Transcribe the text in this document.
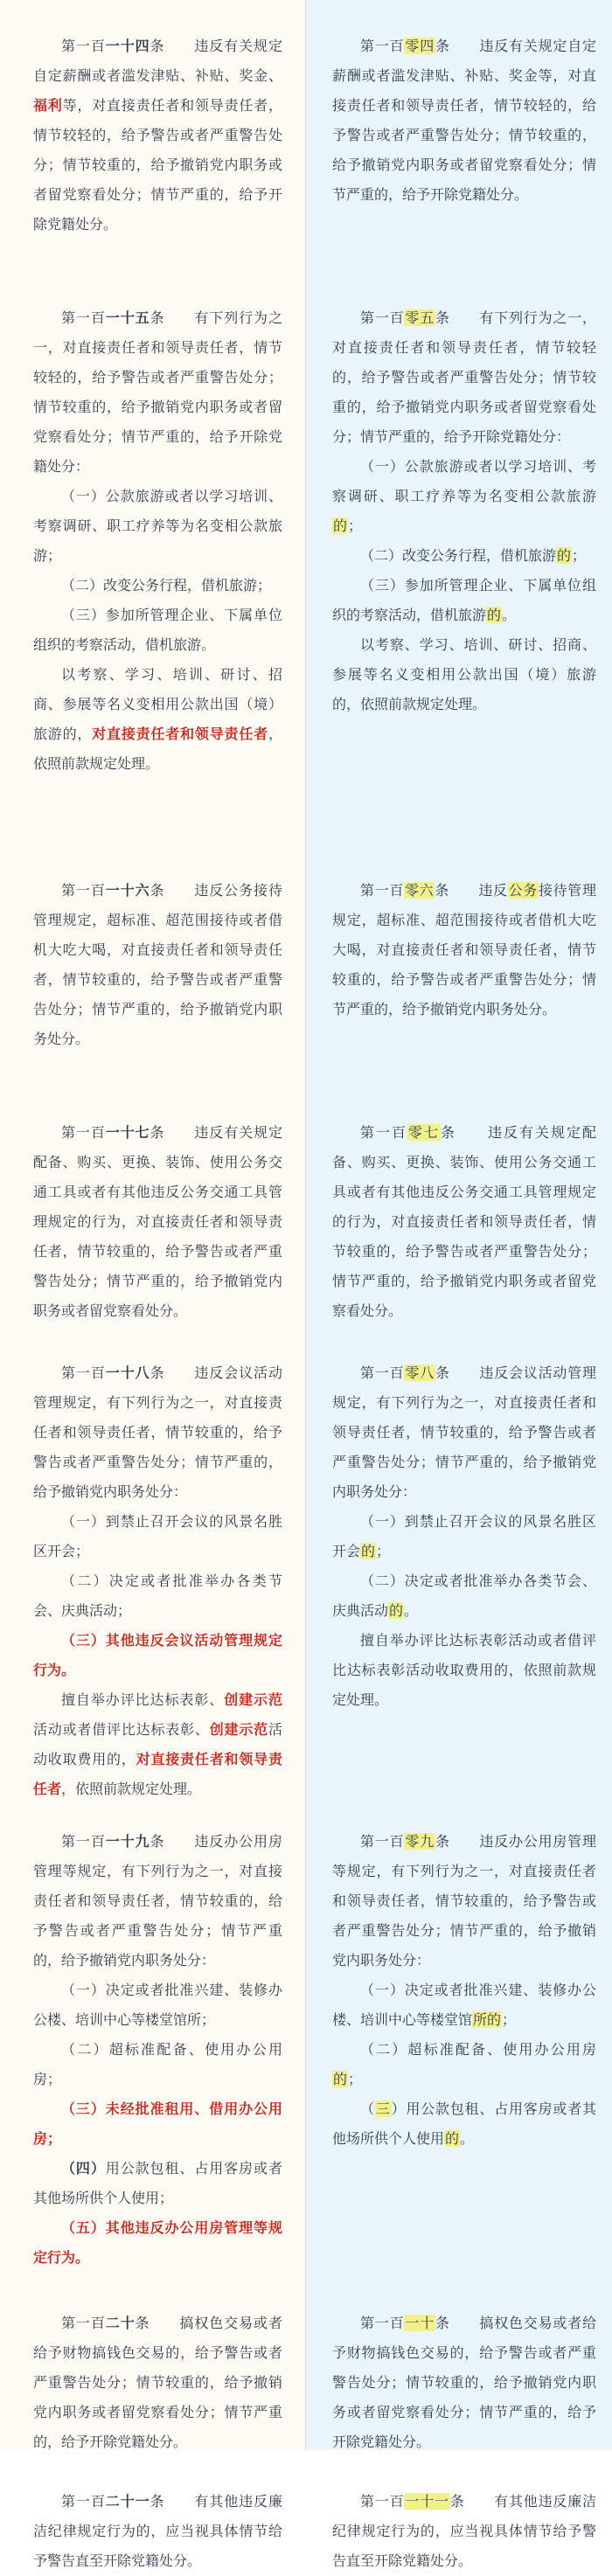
第一百一十四条　　违反有关规定自定薪酬或者滥发津贴、补贴、奖金、福利等，对直接责任者和领导责任者，情节较轻的，给予警告或者严重警告处分；情节较重的，给予撤销党内职务或者留党察看处分；情节严重的，给予开除党籍处分。

第一百一十五条　　有下列行为之一，对直接责任者和领导责任者，情节较轻的，给予警告或者严重警告处分；情节较重的，给予撤销党内职务或者留党察看处分；情节严重的，给予开除党籍处分：

（一）公款旅游或者以学习培训、考察调研、职工疗养等为名变相公款旅游；

（二）改变公务行程，借机旅游；

（三）参加所管理企业、下属单位组织的考察活动，借机旅游。

以考察、学习、培训、研讨、招商、参展等名义变相用公款出国（境）旅游的，对直接责任者和领导责任者，依照前款规定处理。

第一百一十六条　　违反公务接待管理规定，超标准、超范围接待或者借机大吃大喝，对直接责任者和领导责任者，情节较重的，给予警告或者严重警告处分；情节严重的，给予撤销党内职务处分。

第一百一十七条　　违反有关规定配备、购买、更换、装饰、使用公务交通工具或者有其他违反公务交通工具管理规定的行为，对直接责任者和领导责任者，情节较重的，给予警告或者严重警告处分；情节严重的，给予撤销党内职务或者留党察看处分。

第一百一十八条　　违反会议活动管理规定，有下列行为之一，对直接责任者和领导责任者，情节较重的，给予警告或者严重警告处分；情节严重的，给予撤销党内职务处分：

（一）到禁止召开会议的风景名胜区开会；

（二）决定或者批准举办各类节会、庆典活动；

（三）其他违反会议活动管理规定行为。

擅自举办评比达标表彰、创建示范活动或者借评比达标表彰、创建示范活动收取费用的，对直接责任者和领导责任者，依照前款规定处理。

第一百一十九条　　违反办公用房管理等规定，有下列行为之一，对直接责任者和领导责任者，情节较重的，给予警告或者严重警告处分；情节严重的，给予撤销党内职务处分：

（一）决定或者批准兴建、装修办公楼、培训中心等楼堂馆所；

（二）超标准配备、使用办公用房；

（三）未经批准租用、借用办公用房；

（四）用公款包租、占用客房或者其他场所供个人使用；

（五）其他违反办公用房管理等规定行为。

第一百二十条　　搞权色交易或者给予财物搞钱色交易的，给予警告或者严重警告处分；情节较重的，给予撤销党内职务或者留党察看处分；情节严重的，给予开除党籍处分。

第一百二十一条　　有其他违反廉洁纪律规定行为的，应当视具体情节给予警告直至开除党籍处分。

第一百零四条　　违反有关规定自定薪酬或者滥发津贴、补贴、奖金等，对直接责任者和领导责任者，情节较轻的，给予警告或者严重警告处分；情节较重的，给予撤销党内职务或者留党察看处分；情节严重的，给予开除党籍处分。

第一百零五条　　有下列行为之一，对直接责任者和领导责任者，情节较轻的，给予警告或者严重警告处分；情节较重的，给予撤销党内职务或者留党察看处分；情节严重的，给予开除党籍处分：

（一）公款旅游或者以学习培训、考察调研、职工疗养等为名变相公款旅游的；

（二）改变公务行程，借机旅游的；

（三）参加所管理企业、下属单位组织的考察活动，借机旅游的。

以考察、学习、培训、研讨、招商、参展等名义变相用公款出国（境）旅游的，依照前款规定处理。

第一百零六条　　违反公务接待管理规定，超标准、超范围接待或者借机大吃大喝，对直接责任者和领导责任者，情节较重的，给予警告或者严重警告处分；情节严重的，给予撤销党内职务处分。

第一百零七条　　违反有关规定配备、购买、更换、装饰、使用公务交通工具或者有其他违反公务交通工具管理规定的行为，对直接责任者和领导责任者，情节较重的，给予警告或者严重警告处分；情节严重的，给予撤销党内职务或者留党察看处分。

第一百零八条　　违反会议活动管理规定，有下列行为之一，对直接责任者和领导责任者，情节较重的，给予警告或者严重警告处分；情节严重的，给予撤销党内职务处分：

（一）到禁止召开会议的风景名胜区开会的；

（二）决定或者批准举办各类节会、庆典活动的。

擅自举办评比达标表彰活动或者借评比达标表彰活动收取费用的，依照前款规定处理。

第一百零九条　　违反办公用房管理等规定，有下列行为之一，对直接责任者和领导责任者，情节较重的，给予警告或者严重警告处分；情节严重的，给予撤销党内职务处分：

（一）决定或者批准兴建、装修办公楼、培训中心等楼堂馆所的；

（二）超标准配备、使用办公用房的；

（三）用公款包租、占用客房或者其他场所供个人使用的。

第一百一十条　　搞权色交易或者给予财物搞钱色交易的，给予警告或者严重警告处分；情节较重的，给予撤销党内职务或者留党察看处分；情节严重的，给予开除党籍处分。

第一百一十一条　　有其他违反廉洁纪律规定行为的，应当视具体情节给予警告直至开除党籍处分。
